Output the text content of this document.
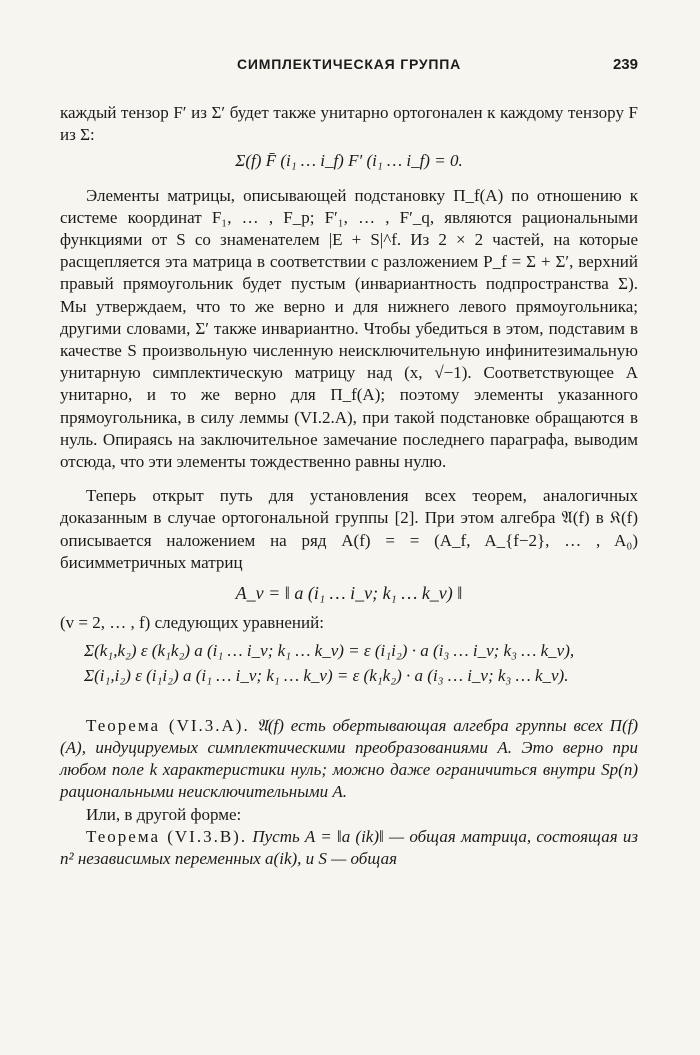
СИМПЛЕКТИЧЕСКАЯ ГРУППА	239

каждый тензор F′ из Σ′ будет также унитарно ортогонален к каждому тензору F из Σ:

Σ(f) F̄ (i₁ … i_f) F′ (i₁ … i_f) = 0.

Элементы матрицы, описывающей подстановку Π_f(A) по отношению к системе координат F₁, … , F_p; F′₁, … , F′_q, являются рациональными функциями от S со знаменателем |E + S|^f. Из 2 × 2 частей, на которые расщепляется эта матрица в соответствии с разложением P_f = Σ + Σ′, верхний правый прямоугольник будет пустым (инвариантность подпространства Σ). Мы утверждаем, что то же верно и для нижнего левого прямоугольника; другими словами, Σ′ также инвариантно. Чтобы убедиться в этом, подставим в качестве S произвольную численную неисключительную инфинитезимальную унитарную симплектическую матрицу над (x, √−1). Соответствующее A унитарно, и то же верно для Π_f(A); поэтому элементы указанного прямоугольника, в силу леммы (VI.2.A), при такой подстановке обращаются в нуль. Опираясь на заключительное замечание последнего параграфа, выводим отсюда, что эти элементы тождественно равны нулю.

Теперь открыт путь для установления всех теорем, аналогичных доказанным в случае ортогональной группы [2]. При этом алгебра 𝔄(f) в 𝔎(f) описывается наложением на ряд A(f) = = (A_f, A_{f−2}, … , A₀) бисимметричных матриц

A_v = ‖ a (i₁ … i_v; k₁ … k_v) ‖

(v = 2, … , f) следующих уравнений:

Σ(k₁,k₂) ε (k₁k₂) a (i₁ … i_v; k₁ … k_v) = ε (i₁i₂) · a (i₃ … i_v; k₃ … k_v),
Σ(i₁,i₂) ε (i₁i₂) a (i₁ … i_v; k₁ … k_v) = ε (k₁k₂) · a (i₃ … i_v; k₃ … k_v).

Теорема (VI.3.A). 𝔄(f) есть обертывающая алгебра группы всех Π(f)(A), индуцируемых симплектическими преобразованиями A. Это верно при любом поле k характеристики нуль; можно даже ограничиться внутри Sp(n) рациональными неисключительными A.

Или, в другой форме:

Теорема (VI.3.B). Пусть A = ‖a (ik)‖ — общая матрица, состоящая из n² независимых переменных a(ik), и S — общая
